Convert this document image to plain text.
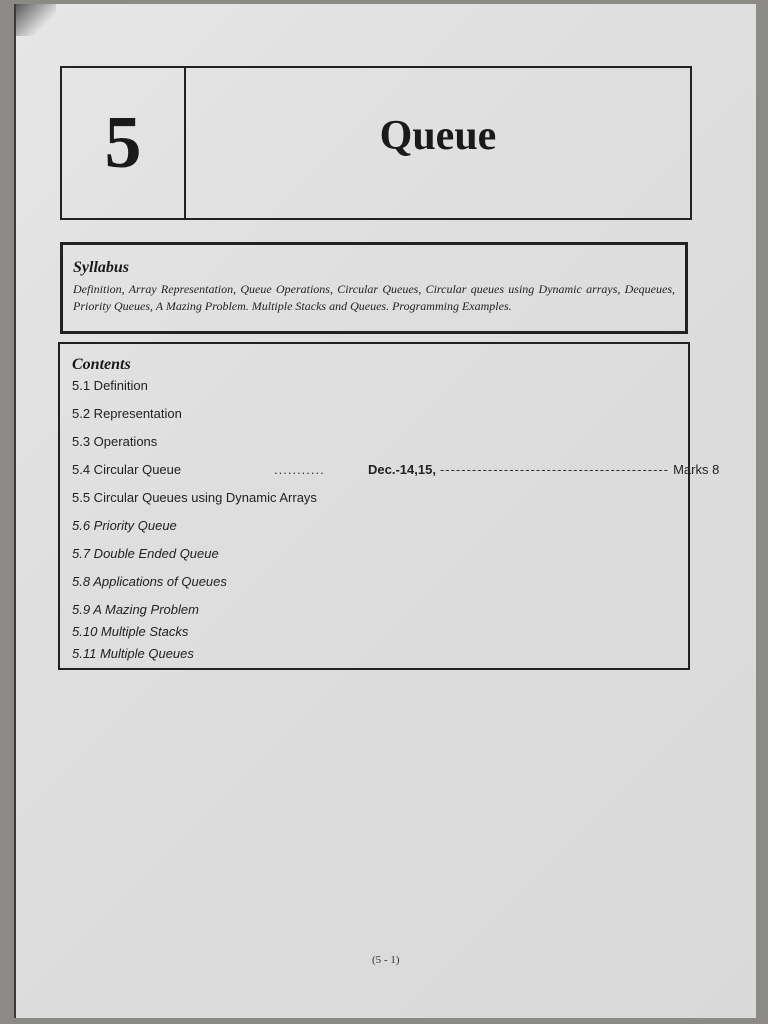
5	Queue
Syllabus
Definition, Array Representation, Queue Operations, Circular Queues, Circular queues using Dynamic arrays, Dequeues, Priority Queues, A Mazing Problem. Multiple Stacks and Queues. Programming Examples.
Contents
5.1 Definition
5.2 Representation
5.3 Operations
5.4 Circular Queue	...........	Dec.-14,15, ------------------------------------------- Marks 8
5.5 Circular Queues using Dynamic Arrays
5.6 Priority Queue
5.7 Double Ended Queue
5.8 Applications of Queues
5.9 A Mazing Problem
5.10 Multiple Stacks
5.11 Multiple Queues
(5 - 1)
